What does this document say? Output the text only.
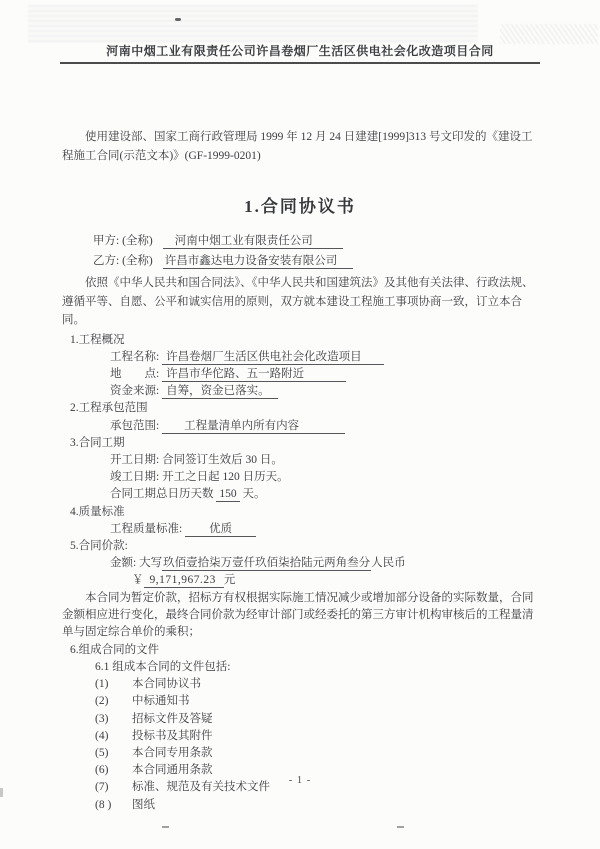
河南中烟工业有限责任公司许昌卷烟厂生活区供电社会化改造项目合同
使用建设部、国家工商行政管理局 1999 年 12 月 24 日建建[1999]313 号文印发的《建设工程施工合同(示范文本)》(GF-1999-0201)
1.合同协议书
甲方: (全称) 河南中烟工业有限责任公司
乙方: (全称) 许昌市鑫达电力设备安装有限公司
依照《中华人民共和国合同法》、《中华人民共和国建筑法》及其他有关法律、行政法规、遵循平等、自愿、公平和诚实信用的原则，双方就本建设工程施工事项协商一致，订立本合同。
1.工程概况
工程名称: 许昌卷烟厂生活区供电社会化改造项目
地　　点: 许昌市华佗路、五一路附近
资金来源: 自筹，资金已落实。
2.工程承包范围
承包范围: 工程量清单内所有内容
3.合同工期
开工日期: 合同签订生效后 30 日。
竣工日期: 开工之日起 120 日历天。
合同工期总日历天数 150 天。
4.质量标准
工程质量标准: 优质
5.合同价款:
金额: 大写玖佰壹拾柒万壹仟玖佰柒拾陆元两角叁分人民币
￥ 9,171,967.23 元
本合同为暂定价款，招标方有权根据实际施工情况减少或增加部分设备的实际数量，合同金额相应进行变化，最终合同价款为经审计部门或经委托的第三方审计机构审核后的工程量清单与固定综合单价的乘积；
6.组成合同的文件
6.1 组成本合同的文件包括:
(1) 本合同协议书
(2) 中标通知书
(3) 招标文件及答疑
(4) 投标书及其附件
(5) 本合同专用条款
(6) 本合同通用条款
(7) 标准、规范及有关技术文件
(8 ) 图纸
- 1 -
